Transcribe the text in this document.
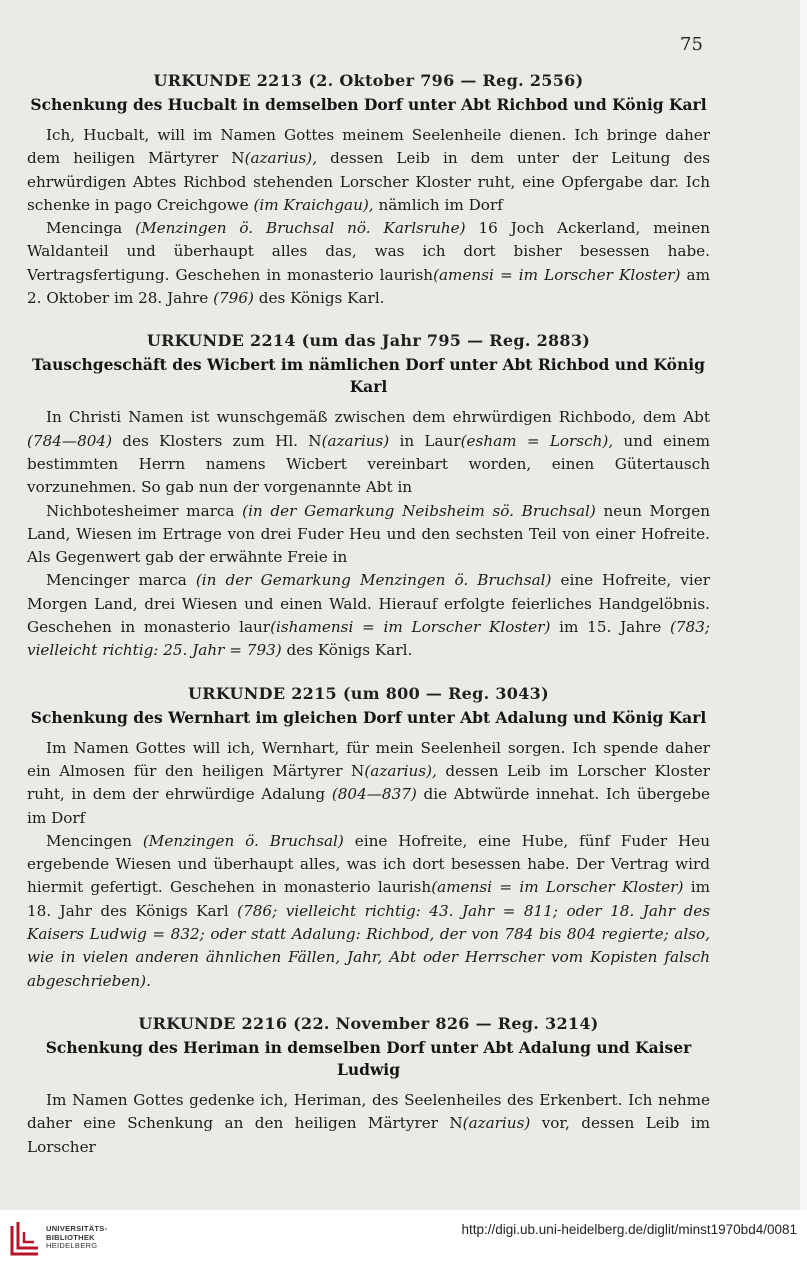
75
URKUNDE 2213 (2. Oktober 796 — Reg. 2556)
Schenkung des Hucbalt in demselben Dorf unter Abt Richbod und König Karl

Ich, Hucbalt, will im Namen Gottes meinem Seelenheile dienen. Ich bringe daher dem heiligen Märtyrer N(azarius), dessen Leib in dem unter der Leitung des ehrwürdigen Abtes Richbod stehenden Lorscher Kloster ruht, eine Opfergabe dar. Ich schenke in pago Creichgowe (im Kraichgau), nämlich im Dorf
Mencinga (Menzingen ö. Bruchsal nö. Karlsruhe) 16 Joch Ackerland, meinen Waldanteil und überhaupt alles das, was ich dort bisher besessen habe. Vertragsfertigung. Geschehen in monasterio laurish(amensi = im Lorscher Kloster) am 2. Oktober im 28. Jahre (796) des Königs Karl.

URKUNDE 2214 (um das Jahr 795 — Reg. 2883)
Tauschgeschäft des Wicbert im nämlichen Dorf unter Abt Richbod und König Karl

In Christi Namen ist wunschgemäß zwischen dem ehrwürdigen Richbodo, dem Abt (784—804) des Klosters zum Hl. N(azarius) in Laur(esham = Lorsch), und einem bestimmten Herrn namens Wicbert vereinbart worden, einen Gütertausch vorzunehmen. So gab nun der vorgenannte Abt in
Nichbotesheimer marca (in der Gemarkung Neibsheim sö. Bruchsal) neun Morgen Land, Wiesen im Ertrage von drei Fuder Heu und den sechsten Teil von einer Hofreite. Als Gegenwert gab der erwähnte Freie in
Mencinger marca (in der Gemarkung Menzingen ö. Bruchsal) eine Hofreite, vier Morgen Land, drei Wiesen und einen Wald. Hierauf erfolgte feierliches Handgelöbnis. Geschehen in monasterio laur(ishamensi = im Lorscher Kloster) im 15. Jahre (783; vielleicht richtig: 25. Jahr = 793) des Königs Karl.

URKUNDE 2215 (um 800 — Reg. 3043)
Schenkung des Wernhart im gleichen Dorf unter Abt Adalung und König Karl

Im Namen Gottes will ich, Wernhart, für mein Seelenheil sorgen. Ich spende daher ein Almosen für den heiligen Märtyrer N(azarius), dessen Leib im Lorscher Kloster ruht, in dem der ehrwürdige Adalung (804—837) die Abtwürde innehat. Ich übergebe im Dorf
Mencingen (Menzingen ö. Bruchsal) eine Hofreite, eine Hube, fünf Fuder Heu ergebende Wiesen und überhaupt alles, was ich dort besessen habe. Der Vertrag wird hiermit gefertigt. Geschehen in monasterio laurish(amensi = im Lorscher Kloster) im 18. Jahr des Königs Karl (786; vielleicht richtig: 43. Jahr = 811; oder 18. Jahr des Kaisers Ludwig = 832; oder statt Adalung: Richbod, der von 784 bis 804 regierte; also, wie in vielen anderen ähnlichen Fällen, Jahr, Abt oder Herrscher vom Kopisten falsch abgeschrieben).

URKUNDE 2216 (22. November 826 — Reg. 3214)
Schenkung des Heriman in demselben Dorf unter Abt Adalung und Kaiser Ludwig

Im Namen Gottes gedenke ich, Heriman, des Seelenheiles des Erkenbert. Ich nehme daher eine Schenkung an den heiligen Märtyrer N(azarius) vor, dessen Leib im Lorscher

UNIVERSITÄTS-
BIBLIOTHEK
HEIDELBERG
http://digi.ub.uni-heidelberg.de/diglit/minst1970bd4/0081
